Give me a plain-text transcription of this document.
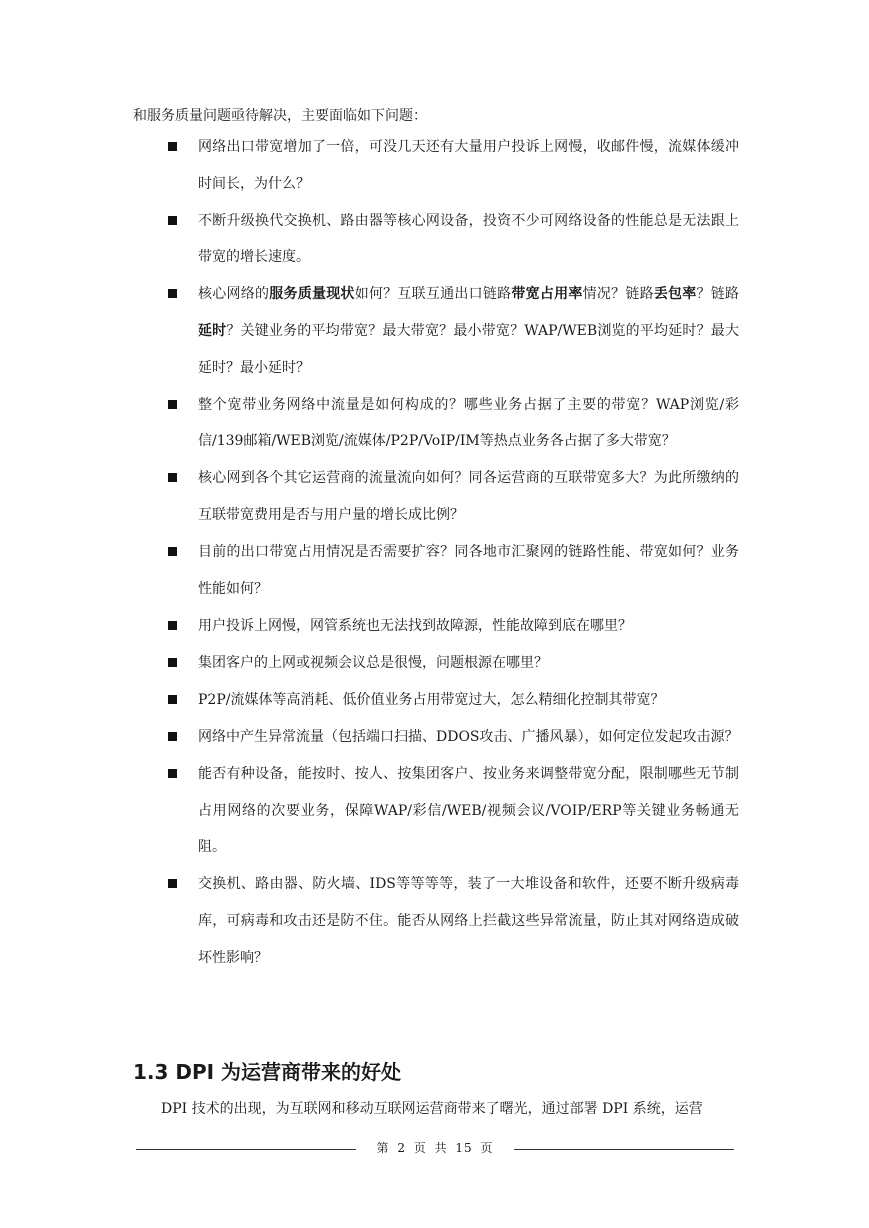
和服务质量问题亟待解决，主要面临如下问题：
网络出口带宽增加了一倍，可没几天还有大量用户投诉上网慢，收邮件慢，流媒体缓冲时间长，为什么？
不断升级换代交换机、路由器等核心网设备，投资不少可网络设备的性能总是无法跟上带宽的增长速度。
核心网络的服务质量现状如何？互联互通出口链路带宽占用率情况？链路丢包率？链路延时？关键业务的平均带宽？最大带宽？最小带宽？WAP/WEB浏览的平均延时？最大延时？最小延时？
整个宽带业务网络中流量是如何构成的？哪些业务占据了主要的带宽？WAP浏览/彩信/139邮箱/WEB浏览/流媒体/P2P/VoIP/IM等热点业务各占据了多大带宽？
核心网到各个其它运营商的流量流向如何？同各运营商的互联带宽多大？为此所缴纳的互联带宽费用是否与用户量的增长成比例？
目前的出口带宽占用情况是否需要扩容？同各地市汇聚网的链路性能、带宽如何？业务性能如何？
用户投诉上网慢，网管系统也无法找到故障源，性能故障到底在哪里？
集团客户的上网或视频会议总是很慢，问题根源在哪里？
P2P/流媒体等高消耗、低价值业务占用带宽过大，怎么精细化控制其带宽？
网络中产生异常流量（包括端口扫描、DDOS攻击、广播风暴），如何定位发起攻击源？
能否有种设备，能按时、按人、按集团客户、按业务来调整带宽分配，限制哪些无节制占用网络的次要业务，保障WAP/彩信/WEB/视频会议/VOIP/ERP等关键业务畅通无阻。
交换机、路由器、防火墙、IDS等等等等，装了一大堆设备和软件，还要不断升级病毒库，可病毒和攻击还是防不住。能否从网络上拦截这些异常流量，防止其对网络造成破坏性影响？
1.3 DPI 为运营商带来的好处
DPI 技术的出现，为互联网和移动互联网运营商带来了曙光，通过部署 DPI 系统，运营
第 2 页 共 15 页
